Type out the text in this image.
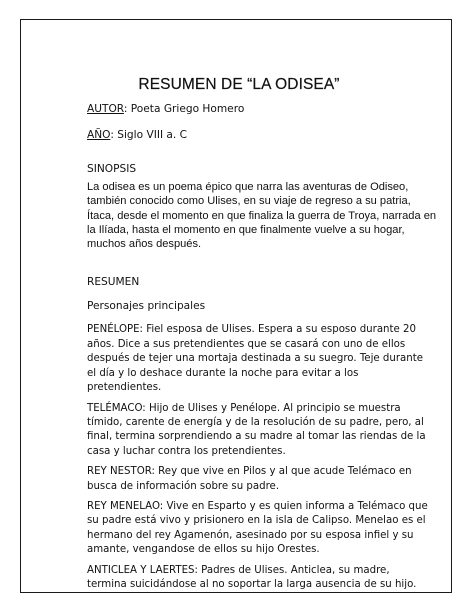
RESUMEN DE “LA ODISEA”

AUTOR: Poeta Griego Homero

AÑO: Siglo VIII a. C

SINOPSIS

La odisea es un poema épico que narra las aventuras de Odiseo, también conocido como Ulises, en su viaje de regreso a su patria, Ítaca, desde el momento en que finaliza la guerra de Troya, narrada en la Ilíada, hasta el momento en que finalmente vuelve a su hogar, muchos años después.

RESUMEN

Personajes principales

PENÉLOPE: Fiel esposa de Ulises. Espera a su esposo durante 20 años. Dice a sus pretendientes que se casará con uno de ellos después de tejer una mortaja destinada a su suegro. Teje durante el día y lo deshace durante la noche para evitar a los pretendientes.

TELÉMACO: Hijo de Ulises y Penélope. Al principio se muestra tímido, carente de energía y de la resolución de su padre, pero, al final, termina sorprendiendo a su madre al tomar las riendas de la casa y luchar contra los pretendientes.

REY NESTOR: Rey que vive en Pilos y al que acude Telémaco en busca de información sobre su padre.

REY MENELAO: Vive en Esparto y es quien informa a Telémaco que su padre está vivo y prisionero en la isla de Calipso. Menelao es el hermano del rey Agamenón, asesinado por su esposa infiel y su amante, vengandose de ellos su hijo Orestes.

ANTICLEA Y LAERTES: Padres de Ulises. Anticlea, su madre, termina suicidándose al no soportar la larga ausencia de su hijo.
